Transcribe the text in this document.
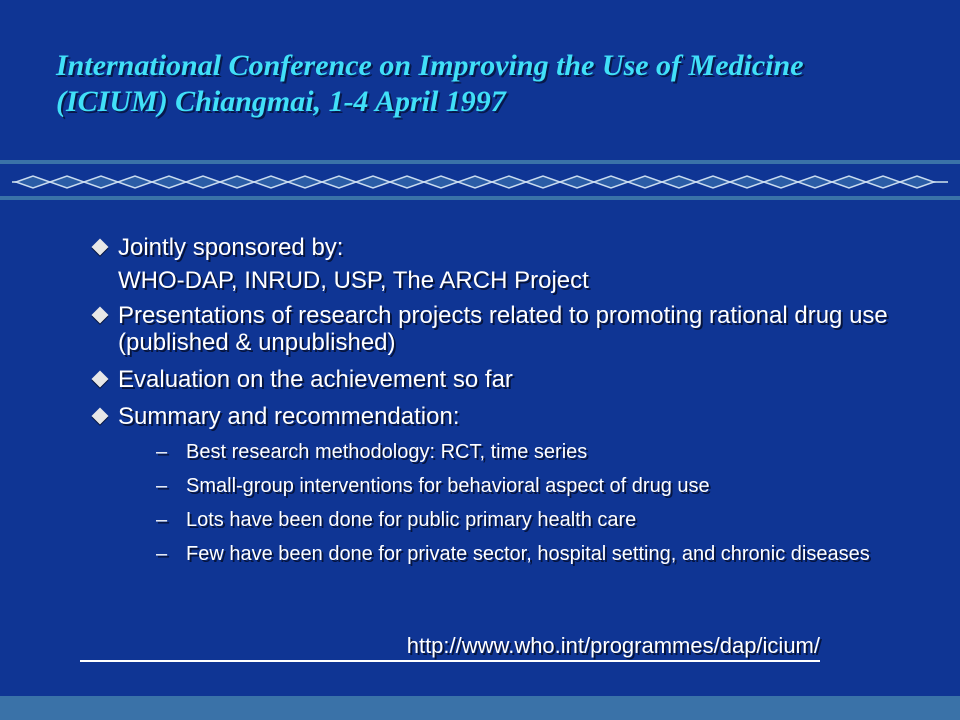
International Conference on Improving the Use of Medicine
(ICIUM) Chiangmai, 1-4 April 1997
Jointly sponsored by:
WHO-DAP, INRUD, USP, The ARCH Project
Presentations of research projects related to promoting rational drug use (published & unpublished)
Evaluation on the achievement so far
Summary and recommendation:
– Best research methodology: RCT, time series
– Small-group interventions for behavioral aspect of drug use
– Lots have been done for public primary health care
– Few have been done for private sector, hospital setting, and chronic diseases
http://www.who.int/programmes/dap/icium/
